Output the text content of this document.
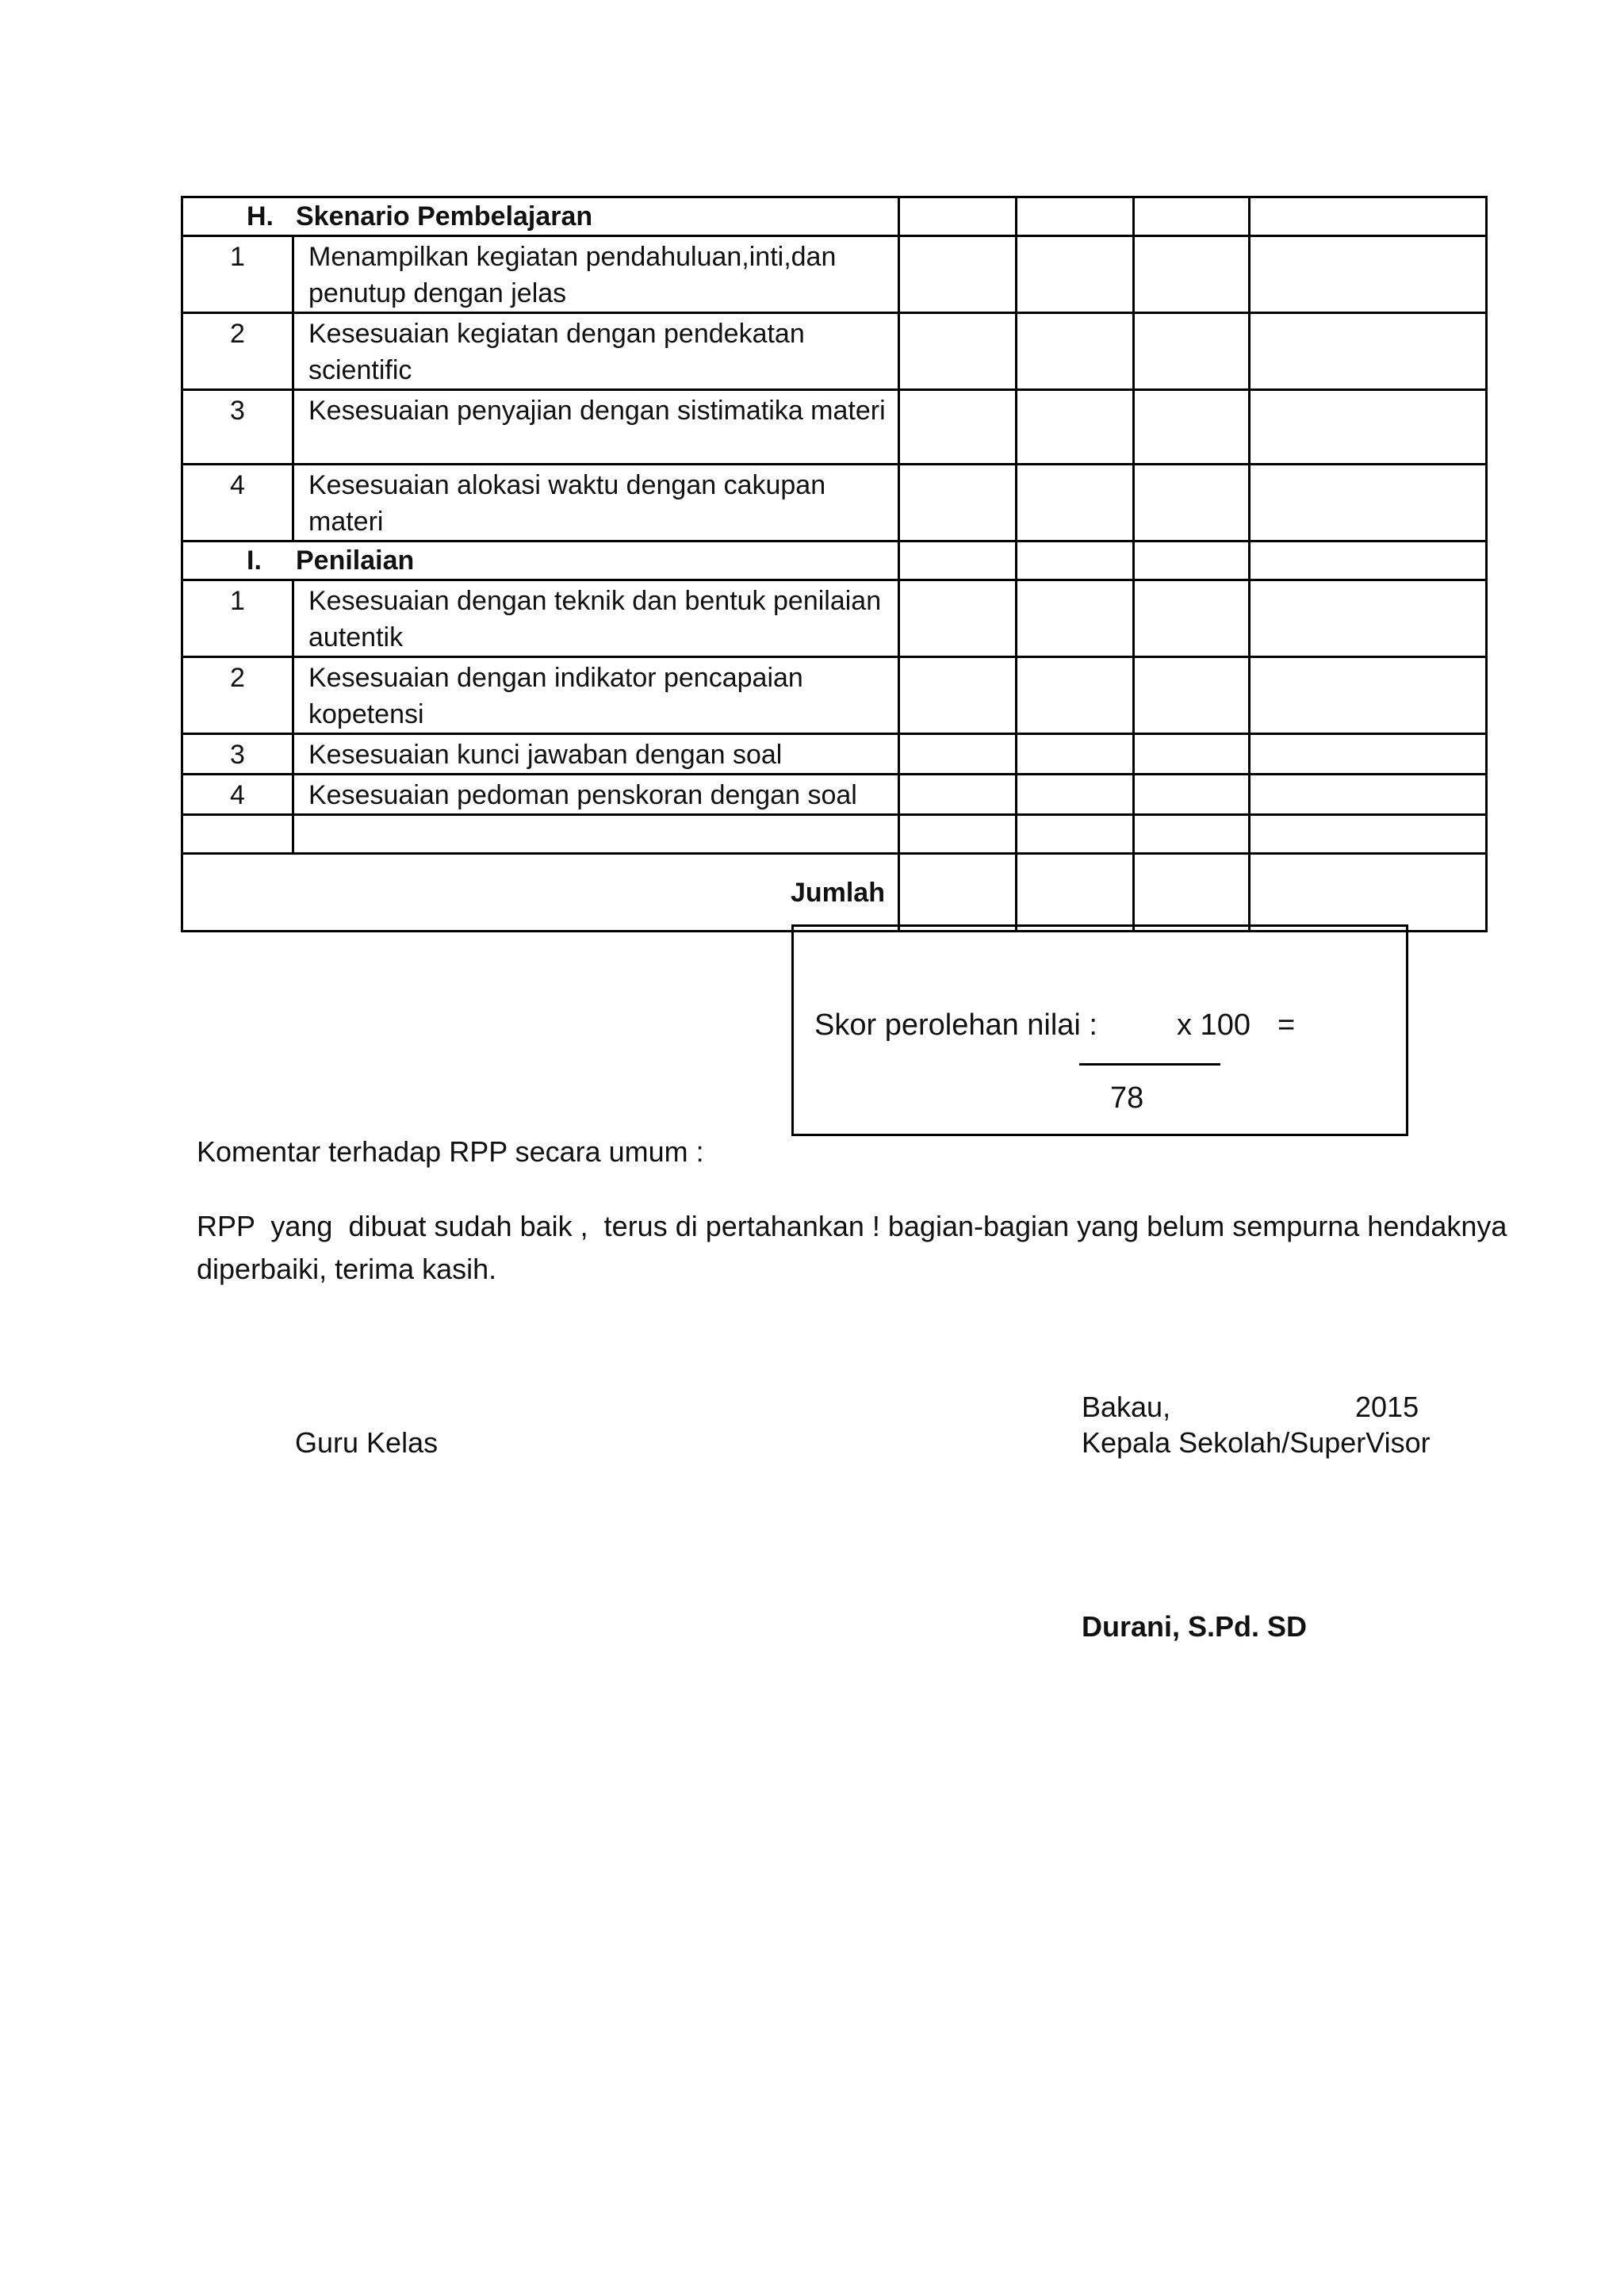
H. Skenario Pembelajaran					
1	Menampilkan kegiatan pendahuluan,inti,dan penutup dengan jelas				
2	Kesesuaian kegiatan dengan pendekatan scientific				
3	Kesesuaian penyajian dengan sistimatika materi				
4	Kesesuaian alokasi waktu dengan cakupan materi				
I. Penilaian					
1	Kesesuaian dengan teknik dan bentuk penilaian autentik				
2	Kesesuaian dengan indikator pencapaian kopetensi				
3	Kesesuaian kunci jawaban dengan soal				
4	Kesesuaian pedoman penskoran dengan soal				

Jumlah					
Skor perolehan nilai :	x 100 =
78
Komentar terhadap RPP secara umum :
RPP  yang  dibuat sudah baik ,  terus di pertahankan ! bagian-bagian yang belum sempurna hendaknya
diperbaiki, terima kasih.
Bakau,	2015
Guru Kelas	Kepala Sekolah/SuperVisor
Durani, S.Pd. SD
